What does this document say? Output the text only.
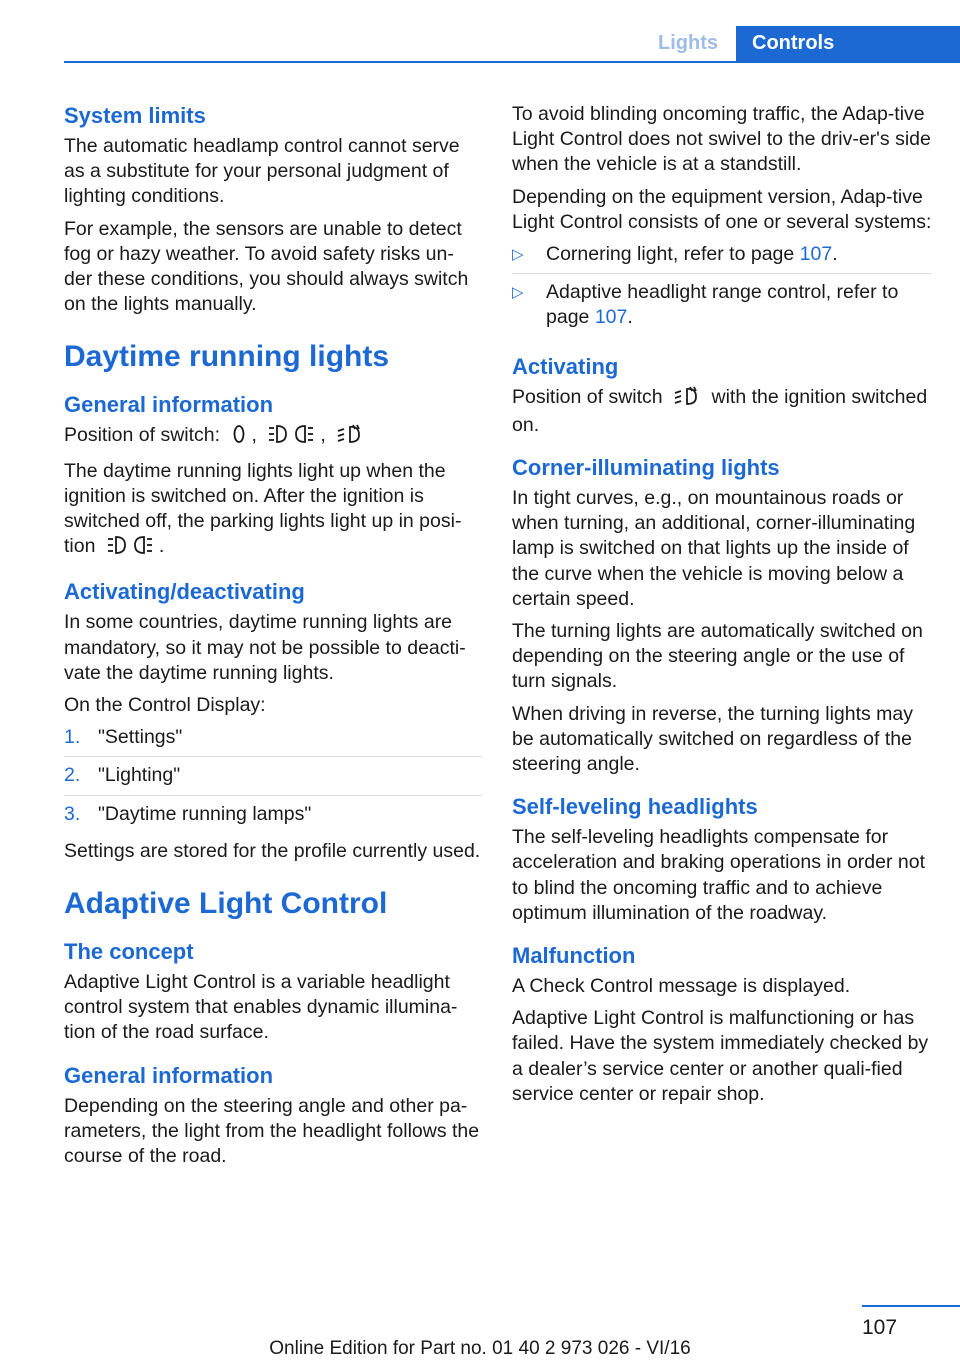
Lights	Controls
System limits

The automatic headlamp control cannot serve as a substitute for your personal judgment of lighting conditions.

For example, the sensors are unable to detect fog or hazy weather. To avoid safety risks un-der these conditions, you should always switch on the lights manually.

Daytime running lights
General information

Position of switch: ,	,

The daytime running lights light up when the ignition is switched on. After the ignition is switched off, the parking lights light up in posi-tion	.

Activating/deactivating

In some countries, daytime running lights are mandatory, so it may not be possible to deacti-vate the daytime running lights.

On the Control Display:

1. "Settings"
2. "Lighting"
3. "Daytime running lamps"

Settings are stored for the profile currently used.

Adaptive Light Control
The concept

Adaptive Light Control is a variable headlight control system that enables dynamic illumina-tion of the road surface.

General information

Depending on the steering angle and other pa-rameters, the light from the headlight follows the course of the road.

To avoid blinding oncoming traffic, the Adap-tive Light Control does not swivel to the driv-er's side when the vehicle is at a standstill.

Depending on the equipment version, Adap-tive Light Control consists of one or several systems:

▷ Cornering light, refer to page 107.
▷ Adaptive headlight range control, refer to page 107.
Activating

Position of switch	with the ignition switched on.

Corner-illuminating lights

In tight curves, e.g., on mountainous roads or when turning, an additional, corner-illuminating lamp is switched on that lights up the inside of the curve when the vehicle is moving below a certain speed.

The turning lights are automatically switched on depending on the steering angle or the use of turn signals.

When driving in reverse, the turning lights may be automatically switched on regardless of the steering angle.

Self-leveling headlights

The self-leveling headlights compensate for acceleration and braking operations in order not to blind the oncoming traffic and to achieve optimum illumination of the roadway.

Malfunction

A Check Control message is displayed.

Adaptive Light Control is malfunctioning or has failed. Have the system immediately checked by a dealer’s service center or another quali-fied service center or repair shop.

107
Online Edition for Part no. 01 40 2 973 026 - VI/16
